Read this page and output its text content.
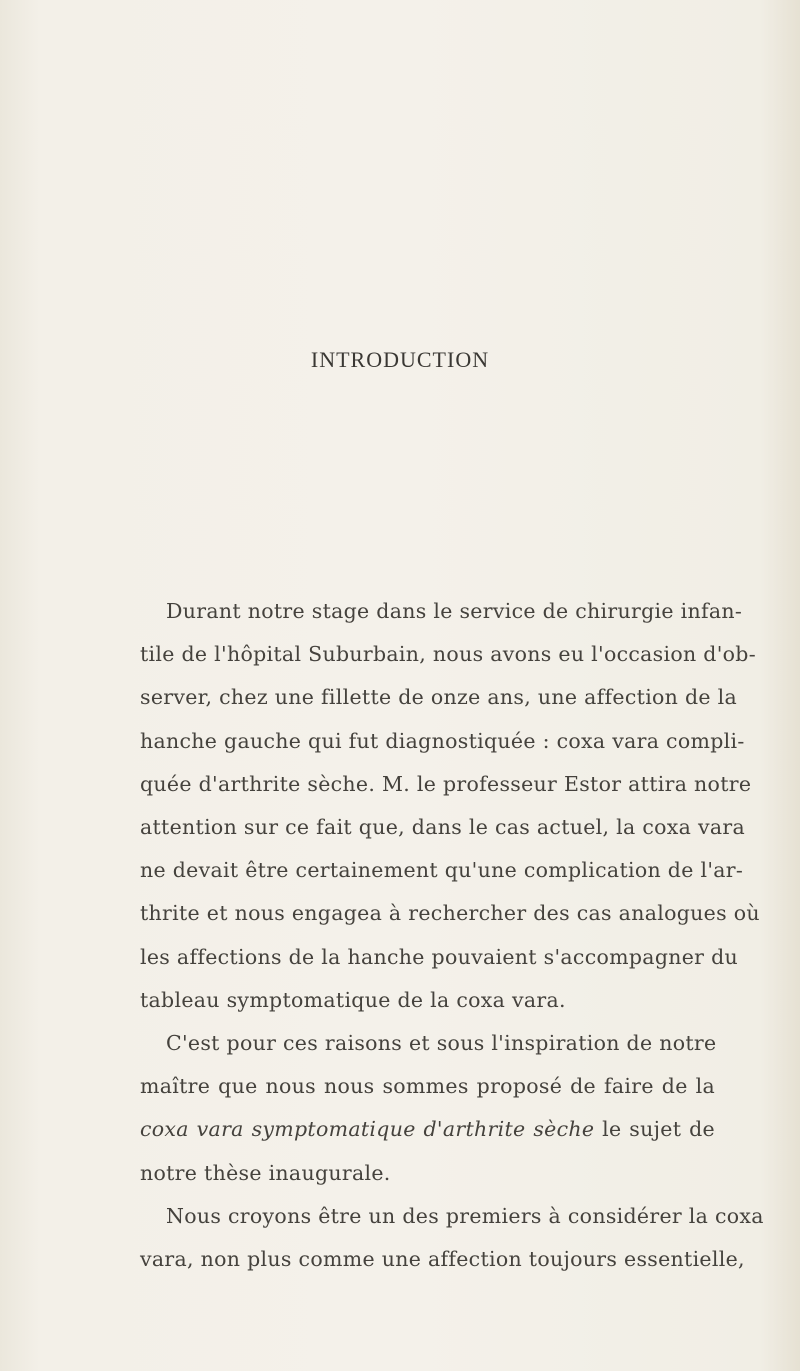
INTRODUCTION
Durant notre stage dans le service de chirurgie infan-
tile de l'hôpital Suburbain, nous avons eu l'occasion d'ob-
server, chez une fillette de onze ans, une affection de la
hanche gauche qui fut diagnostiquée : coxa vara compli-
quée d'arthrite sèche. M. le professeur Estor attira notre
attention sur ce fait que, dans le cas actuel, la coxa vara
ne devait être certainement qu'une complication de l'ar-
thrite et nous engagea à rechercher des cas analogues où
les affections de la hanche pouvaient s'accompagner du
tableau symptomatique de la coxa vara.
C'est pour ces raisons et sous l'inspiration de notre
maître que nous nous sommes proposé de faire de la
coxa vara symptomatique d'arthrite sèche le sujet de
notre thèse inaugurale.
Nous croyons être un des premiers à considérer la coxa
vara, non plus comme une affection toujours essentielle,
